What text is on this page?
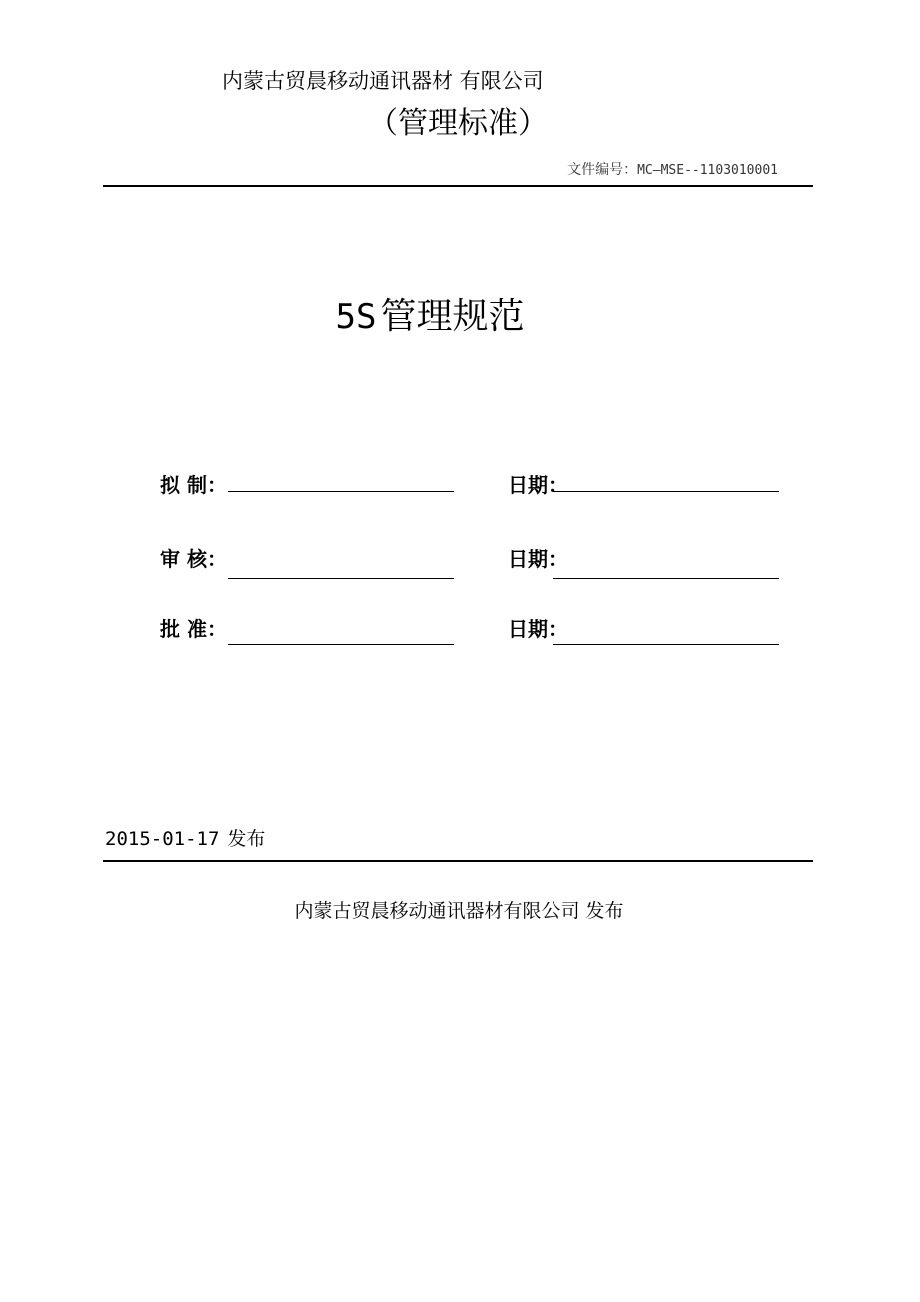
内蒙古贸晨移动通讯器材 有限公司
（管理标准）
文件编号：MC—MSE--1103010001
5S 管理规范
拟 制：	日期：
审 核：	日期：
批 准：	日期：
2015-01-17 发布
内蒙古贸晨移动通讯器材有限公司 发布
